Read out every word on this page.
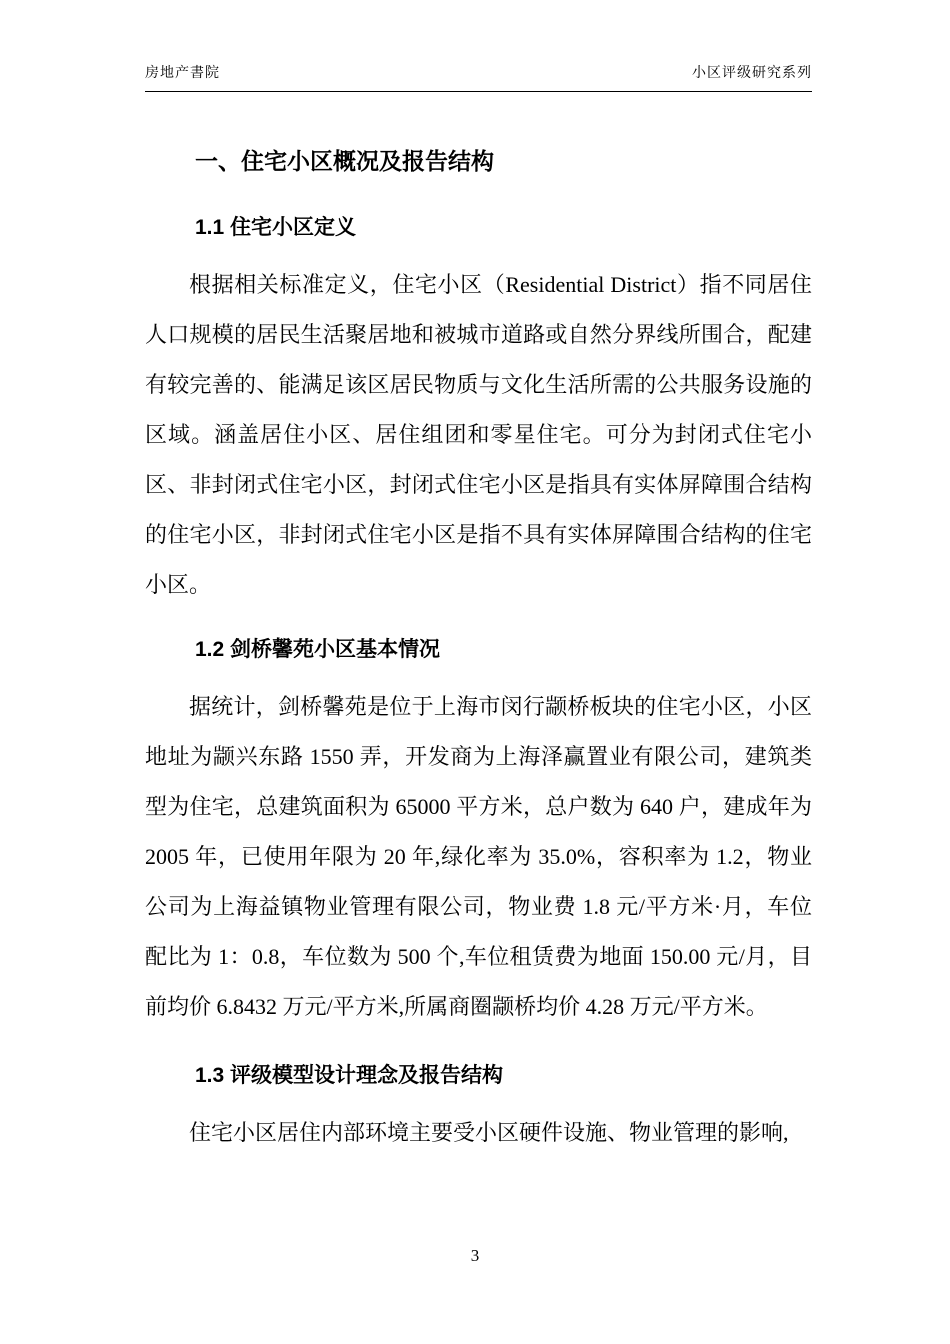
房地产書院	小区评级研究系列
一、住宅小区概况及报告结构
1.1 住宅小区定义

根据相关标准定义，住宅小区（Residential District）指不同居住人口规模的居民生活聚居地和被城市道路或自然分界线所围合，配建有较完善的、能满足该区居民物质与文化生活所需的公共服务设施的区域。涵盖居住小区、居住组团和零星住宅。可分为封闭式住宅小区、非封闭式住宅小区，封闭式住宅小区是指具有实体屏障围合结构的住宅小区，非封闭式住宅小区是指不具有实体屏障围合结构的住宅小区。

1.2 剑桥馨苑小区基本情况

据统计，剑桥馨苑是位于上海市闵行颛桥板块的住宅小区，小区地址为颛兴东路 1550 弄，开发商为上海泽赢置业有限公司，建筑类型为住宅，总建筑面积为 65000 平方米，总户数为 640 户，建成年为 2005 年，已使用年限为 20 年,绿化率为 35.0%，容积率为 1.2，物业公司为上海益镇物业管理有限公司，物业费 1.8 元/平方米·月，车位配比为 1：0.8，车位数为 500 个,车位租赁费为地面 150.00 元/月，目前均价 6.8432 万元/平方米,所属商圈颛桥均价 4.28 万元/平方米。

1.3 评级模型设计理念及报告结构

住宅小区居住内部环境主要受小区硬件设施、物业管理的影响,

3
